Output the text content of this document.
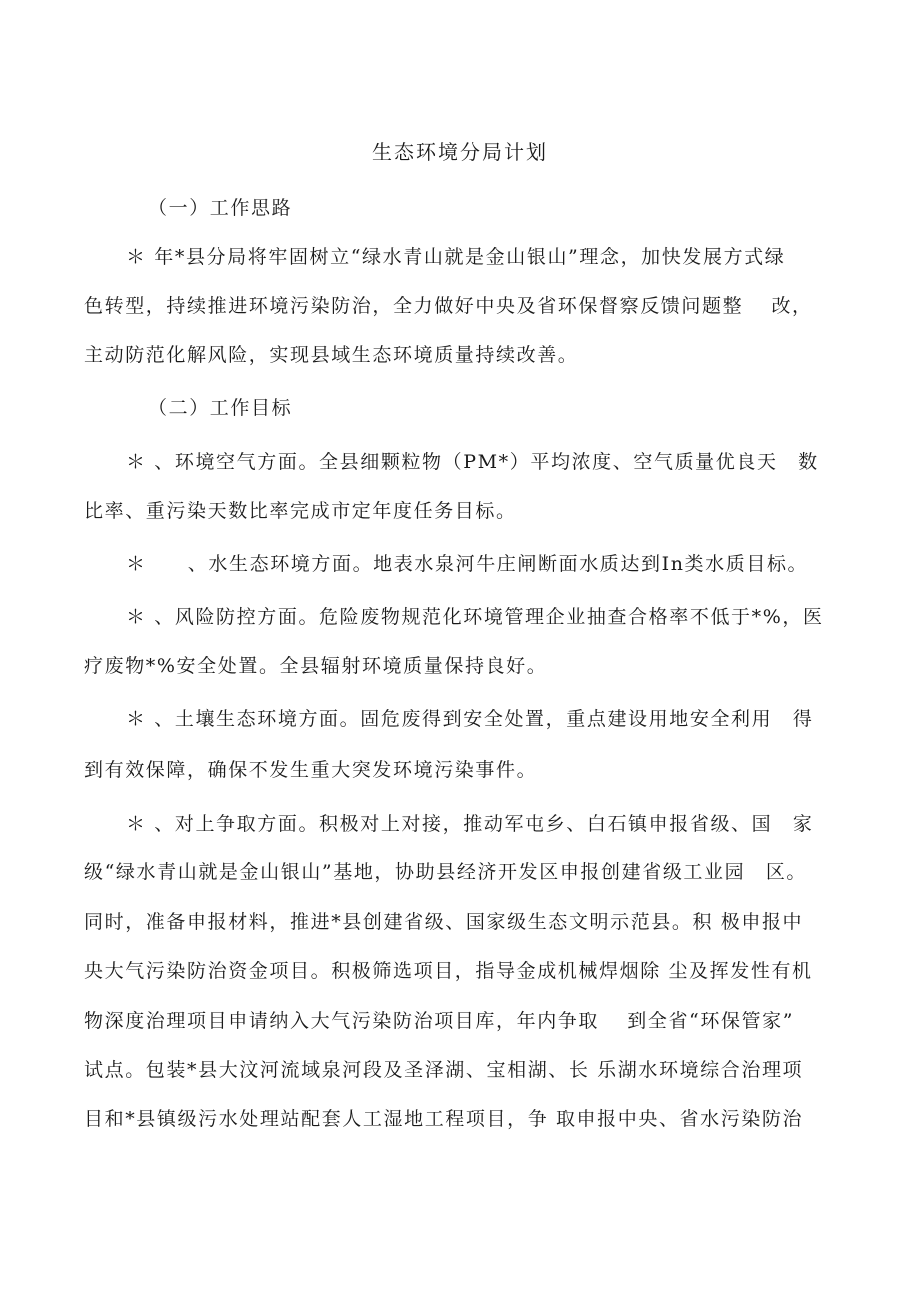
生态环境分局计划
（一）工作思路
＊ 年*县分局将牢固树立“绿水青山就是金山银山”理念，加快发展方式绿
色转型，持续推进环境污染防治，全力做好中央及省环保督察反馈问题整　 改，
主动防范化解风险，实现县域生态环境质量持续改善。
（二）工作目标
＊ 、环境空气方面。全县细颗粒物（PM*）平均浓度、空气质量优良天　数
比率、重污染天数比率完成市定年度任务目标。
＊　　、水生态环境方面。地表水泉河牛庄闸断面水质达到In类水质目标。
＊ 、风险防控方面。危险废物规范化环境管理企业抽查合格率不低于*%，医
疗废物*%安全处置。全县辐射环境质量保持良好。
＊ 、土壤生态环境方面。固危废得到安全处置，重点建设用地安全利用　得
到有效保障，确保不发生重大突发环境污染事件。
＊ 、对上争取方面。积极对上对接，推动军屯乡、白石镇申报省级、国　家
级“绿水青山就是金山银山”基地，协助县经济开发区申报创建省级工业园　区。
同时，准备申报材料，推进*县创建省级、国家级生态文明示范县。积 极申报中
央大气污染防治资金项目。积极筛选项目，指导金成机械焊烟除 尘及挥发性有机
物深度治理项目申请纳入大气污染防治项目库，年内争取　 到全省“环保管家”
试点。包装*县大汶河流域泉河段及圣泽湖、宝相湖、长 乐湖水环境综合治理项
目和*县镇级污水处理站配套人工湿地工程项目，争 取申报中央、省水污染防治
